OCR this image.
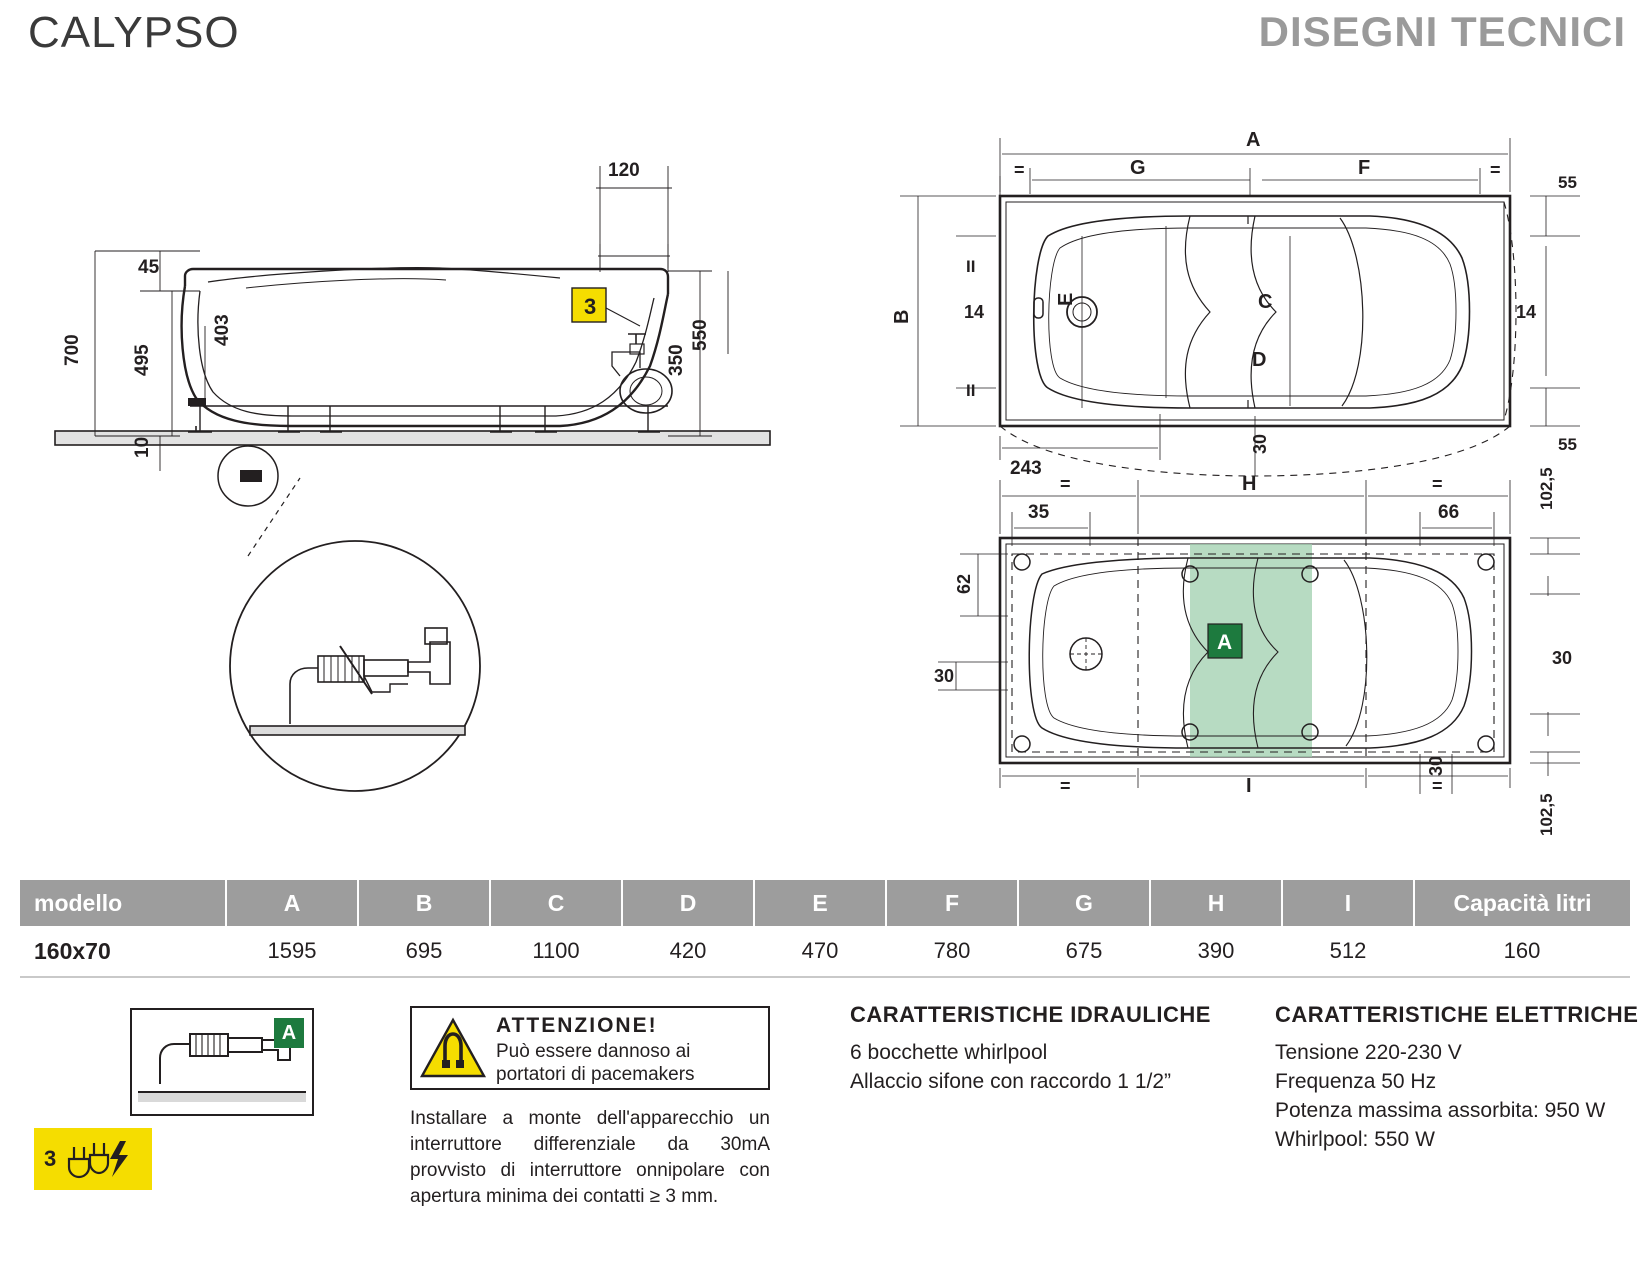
CALYPSO	DISEGNI TECNICI
45
700	495
403
120
550
350
10
3
A
G	F
=	=
55
55
B
II
II
14	14
E	C
D
243
30
A
=	H	=
35	66
102,5
102,5
30
62
30
=	I	=
30
modello	A	B	C	D	E	F	G	H	I	Capacità litri
160x70	1595	695	1100	420	470	780	675	390	512	160
A
3
ATTENZIONE!
Può essere dannoso ai portatori di pacemakers
Installare a monte dell'apparecchio un interruttore differenziale da 30mA provvisto di interruttore onnipolare con apertura minima dei contatti ≥ 3 mm.
CARATTERISTICHE IDRAULICHE
6 bocchette whirlpool
Allaccio sifone con raccordo 1 1/2”
CARATTERISTICHE ELETTRICHE
Tensione 220-230 V
Frequenza 50 Hz
Potenza massima assorbita: 950 W
Whirlpool: 550 W
